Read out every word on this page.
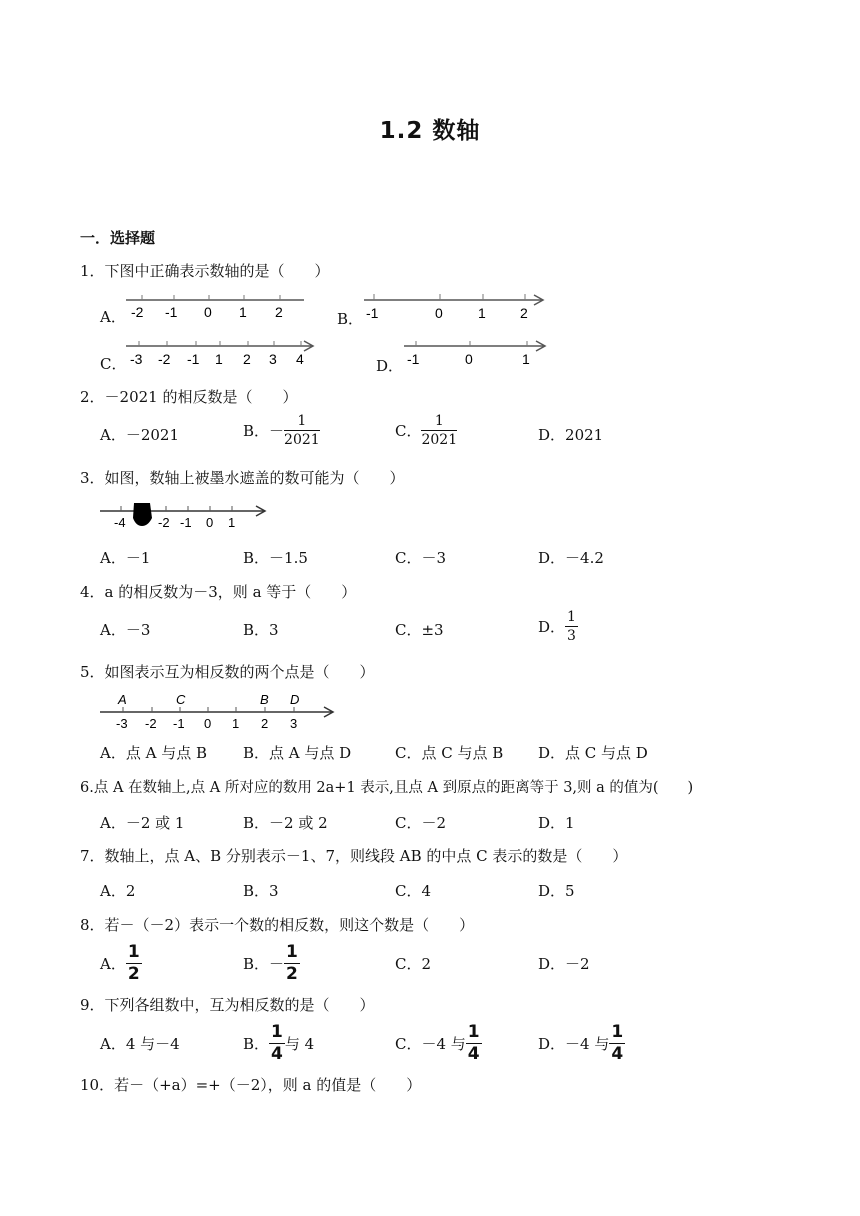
1.2 数轴
一．选择题
1．下图中正确表示数轴的是（　　）
A． -2 -1 0 1 2	B． -1	0	1 2
C． -3 -2 -1 1 2 3 4	D． -1	0	1
2．－2021 的相反数是（　　）
A．－2021	B．－ $\frac{1}{2021}$	C． $\frac{1}{2021}$	D．2021
3．如图，数轴上被墨水遮盖的数可能为（　　）
-4 -2 -1 0 1
A．－1	B．－1.5	C．－3	D．－4.2
4．a 的相反数为－3，则 a 等于（　　）
A．－3	B．3	C．±3	D． $\frac{1}{3}$
5．如图表示互为相反数的两个点是（　　）
A	C	B D
-3 -2 -1 0 1 2 3
A．点 A 与点 B B．点 A 与点 D	C．点 C 与点 B D．点 C 与点 D
6.点 A 在数轴上,点 A 所对应的数用 2a+1 表示,且点 A 到原点的距离等于 3,则 a 的值为(　　)
A．－2 或 1	B．－2 或 2	C．－2	D．1
7．数轴上，点 A、B 分别表示－1、7，则线段 AB 的中点 C 表示的数是（　　）
A．2	B．3	C．4	D．5
8．若－（－2）表示一个数的相反数，则这个数是（　　）
A． $\frac{1}{2}$	B．－ $\frac{1}{2}$	C．2	D．－2
9．下列各组数中，互为相反数的是（　　）
A．4 与－4	B． $\frac{1}{4}$ 与 4	C．－4 与 $\frac{1}{4}$	D．－4 与 $\frac{1}{4}$
10．若－（+a）=+（－2），则 a 的值是（　　）
